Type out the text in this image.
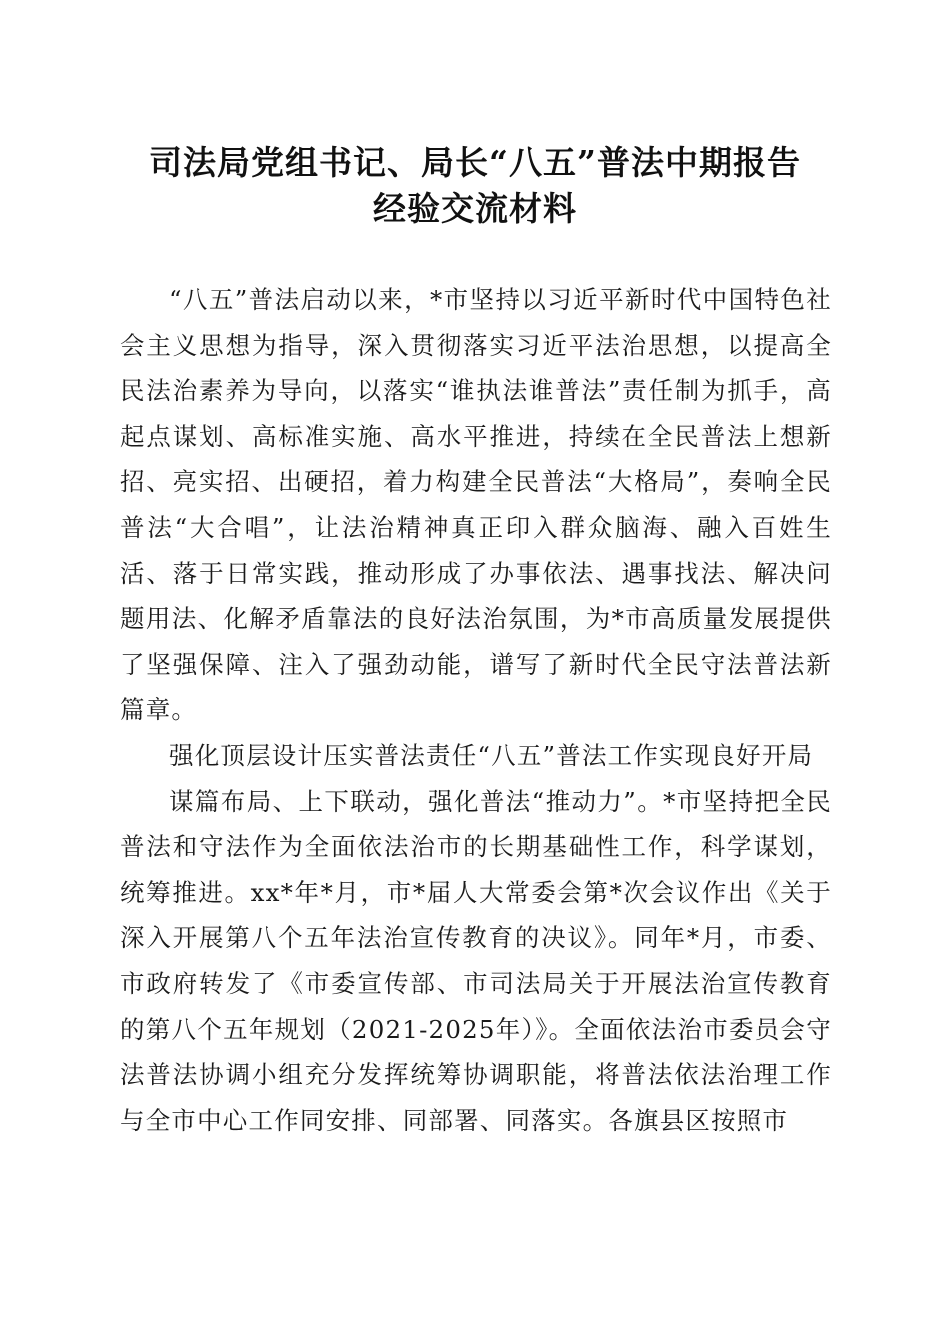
司法局党组书记、局长“八五”普法中期报告
经验交流材料

“八五”普法启动以来，*市坚持以习近平新时代中国特色社会主义思想为指导，深入贯彻落实习近平法治思想，以提高全民法治素养为导向，以落实“谁执法谁普法”责任制为抓手，高起点谋划、高标准实施、高水平推进，持续在全民普法上想新招、亮实招、出硬招，着力构建全民普法“大格局”，奏响全民普法“大合唱”，让法治精神真正印入群众脑海、融入百姓生活、落于日常实践，推动形成了办事依法、遇事找法、解决问题用法、化解矛盾靠法的良好法治氛围，为*市高质量发展提供了坚强保障、注入了强劲动能，谱写了新时代全民守法普法新篇章。

强化顶层设计压实普法责任“八五”普法工作实现良好开局

谋篇布局、上下联动，强化普法“推动力”。*市坚持把全民普法和守法作为全面依法治市的长期基础性工作，科学谋划，统筹推进。xx*年*月，市*届人大常委会第*次会议作出《关于深入开展第八个五年法治宣传教育的决议》。同年*月，市委、市政府转发了《市委宣传部、市司法局关于开展法治宣传教育的第八个五年规划（2021-2025年）》。全面依法治市委员会守法普法协调小组充分发挥统筹协调职能，将普法依法治理工作与全市中心工作同安排、同部署、同落实。各旗县区按照市
